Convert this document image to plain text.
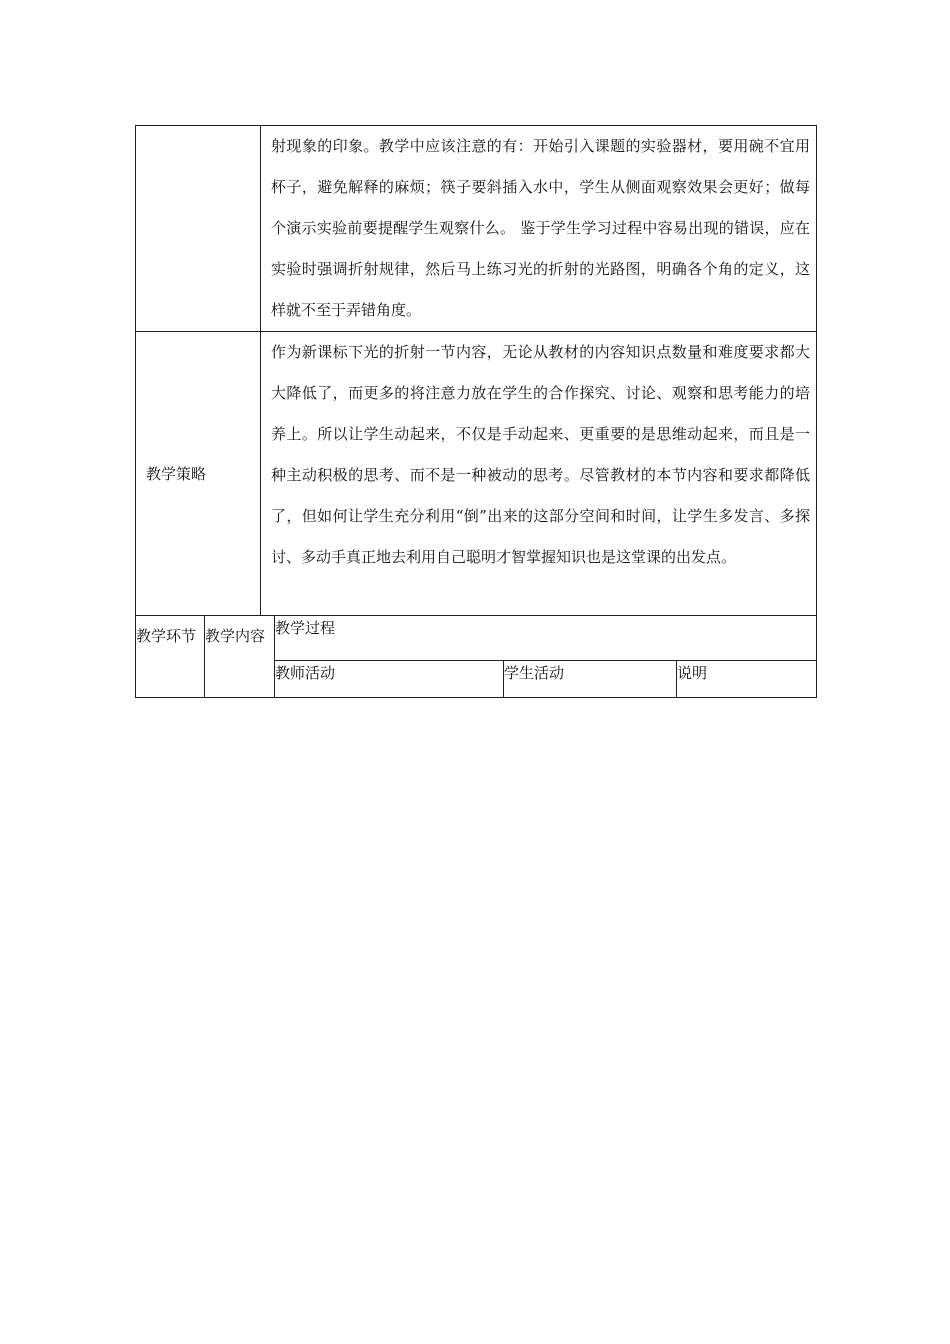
		射现象的印象。教学中应该注意的有：开始引入课题的实验器材，要用碗不宜用杯子，避免解释的麻烦；筷子要斜插入水中，学生从侧面观察效果会更好；做每个演示实验前要提醒学生观察什么。 鉴于学生学习过程中容易出现的错误，应在实验时强调折射规律，然后马上练习光的折射的光路图，明确各个角的定义，这样就不至于弄错角度。			

教学策略		作为新课标下光的折射一节内容，无论从教材的内容知识点数量和难度要求都大大降低了，而更多的将注意力放在学生的合作探究、讨论、观察和思考能力的培养上。所以让学生动起来，不仅是手动起来、更重要的是思维动起来，而且是一种主动积极的思考、而不是一种被动的思考。尽管教材的本节内容和要求都降低了，但如何让学生充分利用“倒”出来的这部分空间和时间，让学生多发言、多探讨、多动手真正地去利用自己聪明才智掌握知识也是这堂课的出发点。			

教学环节	教学内容		教学过程		
			教师活动	学生活动	说明
